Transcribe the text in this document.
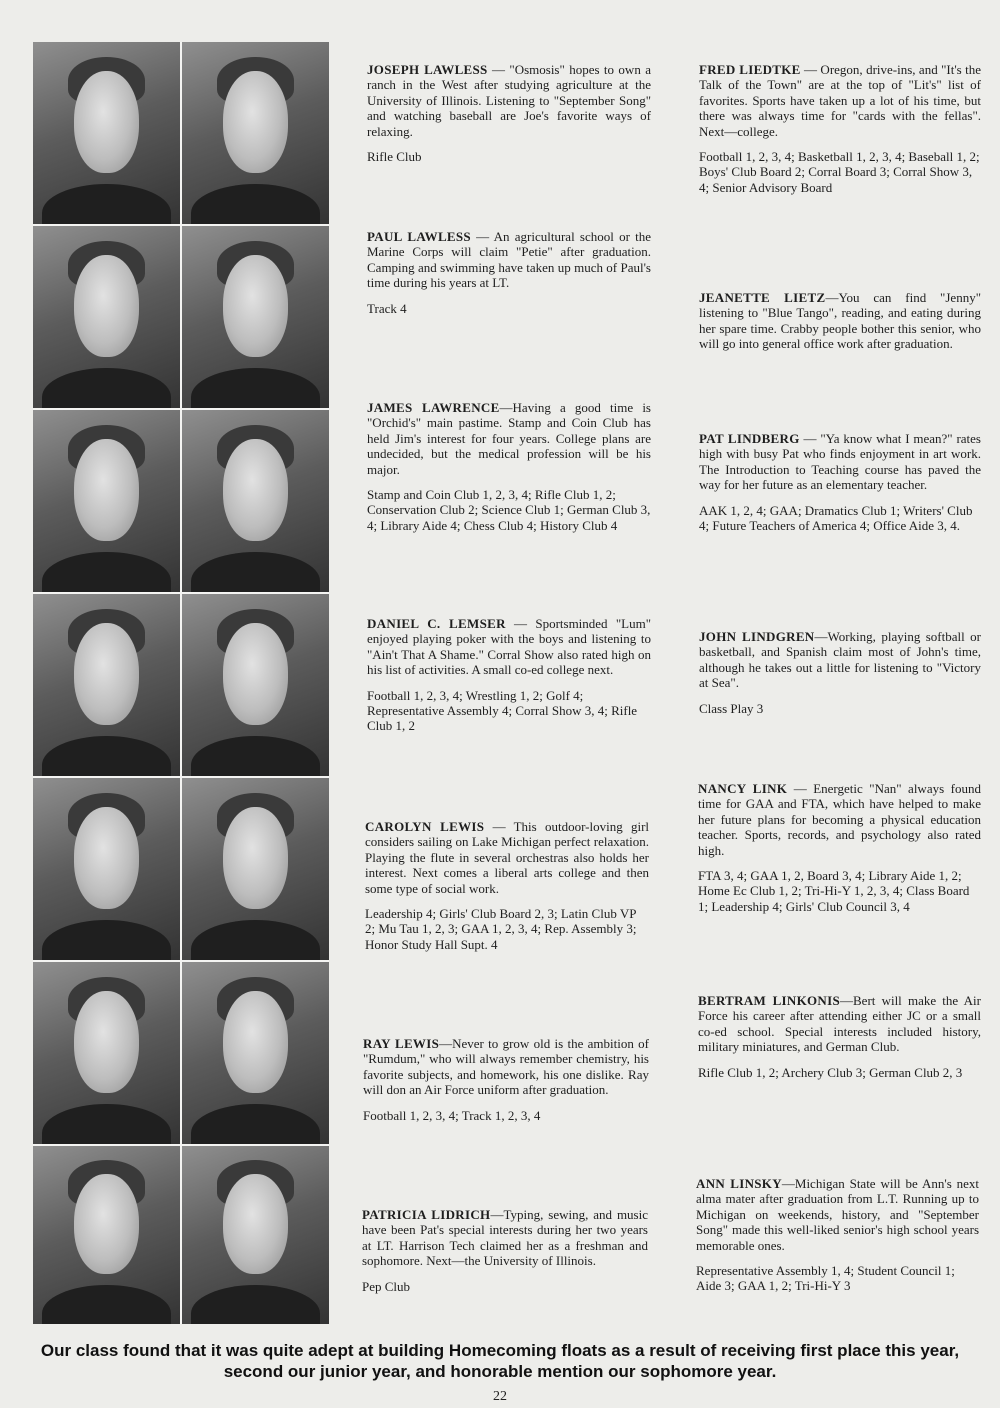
JOSEPH LAWLESS — "Osmosis" hopes to own a ranch in the West after studying agriculture at the University of Illinois. Listening to "September Song" and watching baseball are Joe's favorite ways of relaxing.

Rifle Club

PAUL LAWLESS — An agricultural school or the Marine Corps will claim "Petie" after graduation. Camping and swimming have taken up much of Paul's time during his years at LT.

Track 4

JAMES LAWRENCE—Having a good time is "Orchid's" main pastime. Stamp and Coin Club has held Jim's interest for four years. College plans are undecided, but the medical profession will be his major.

Stamp and Coin Club 1, 2, 3, 4; Rifle Club 1, 2; Conservation Club 2; Science Club 1; German Club 3, 4; Library Aide 4; Chess Club 4; History Club 4

DANIEL C. LEMSER — Sportsminded "Lum" enjoyed playing poker with the boys and listening to "Ain't That A Shame." Corral Show also rated high on his list of activities. A small co-ed college next.

Football 1, 2, 3, 4; Wrestling 1, 2; Golf 4; Representative Assembly 4; Corral Show 3, 4; Rifle Club 1, 2

CAROLYN LEWIS — This outdoor-loving girl considers sailing on Lake Michigan perfect relaxation. Playing the flute in several orchestras also holds her interest. Next comes a liberal arts college and then some type of social work.

Leadership 4; Girls' Club Board 2, 3; Latin Club VP 2; Mu Tau 1, 2, 3; GAA 1, 2, 3, 4; Rep. Assembly 3; Honor Study Hall Supt. 4

RAY LEWIS—Never to grow old is the ambition of "Rumdum," who will always remember chemistry, his favorite subjects, and homework, his one dislike. Ray will don an Air Force uniform after graduation.

Football 1, 2, 3, 4; Track 1, 2, 3, 4

PATRICIA LIDRICH—Typing, sewing, and music have been Pat's special interests during her two years at LT. Harrison Tech claimed her as a freshman and sophomore. Next—the University of Illinois.

Pep Club

FRED LIEDTKE — Oregon, drive-ins, and "It's the Talk of the Town" are at the top of "Lit's" list of favorites. Sports have taken up a lot of his time, but there was always time for "cards with the fellas". Next—college.

Football 1, 2, 3, 4; Basketball 1, 2, 3, 4; Baseball 1, 2; Boys' Club Board 2; Corral Board 3; Corral Show 3, 4; Senior Advisory Board

JEANETTE LIETZ—You can find "Jenny" listening to "Blue Tango", reading, and eating during her spare time. Crabby people bother this senior, who will go into general office work after graduation.

PAT LINDBERG — "Ya know what I mean?" rates high with busy Pat who finds enjoyment in art work. The Introduction to Teaching course has paved the way for her future as an elementary teacher.

AAK 1, 2, 4; GAA; Dramatics Club 1; Writers' Club 4; Future Teachers of America 4; Office Aide 3, 4.

JOHN LINDGREN—Working, playing softball or basketball, and Spanish claim most of John's time, although he takes out a little for listening to "Victory at Sea".

Class Play 3

NANCY LINK — Energetic "Nan" always found time for GAA and FTA, which have helped to make her future plans for becoming a physical education teacher. Sports, records, and psychology also rated high.

FTA 3, 4; GAA 1, 2, Board 3, 4; Library Aide 1, 2; Home Ec Club 1, 2; Tri-Hi-Y 1, 2, 3, 4; Class Board 1; Leadership 4; Girls' Club Council 3, 4

BERTRAM LINKONIS—Bert will make the Air Force his career after attending either JC or a small co-ed school. Special interests included history, military miniatures, and German Club.

Rifle Club 1, 2; Archery Club 3; German Club 2, 3

ANN LINSKY—Michigan State will be Ann's next alma mater after graduation from L.T. Running up to Michigan on weekends, history, and "September Song" made this well-liked senior's high school years memorable ones.

Representative Assembly 1, 4; Student Council 1; Aide 3; GAA 1, 2; Tri-Hi-Y 3

Our class found that it was quite adept at building Homecoming floats as a result of receiving first place this year, second our junior year, and honorable mention our sophomore year.
22
